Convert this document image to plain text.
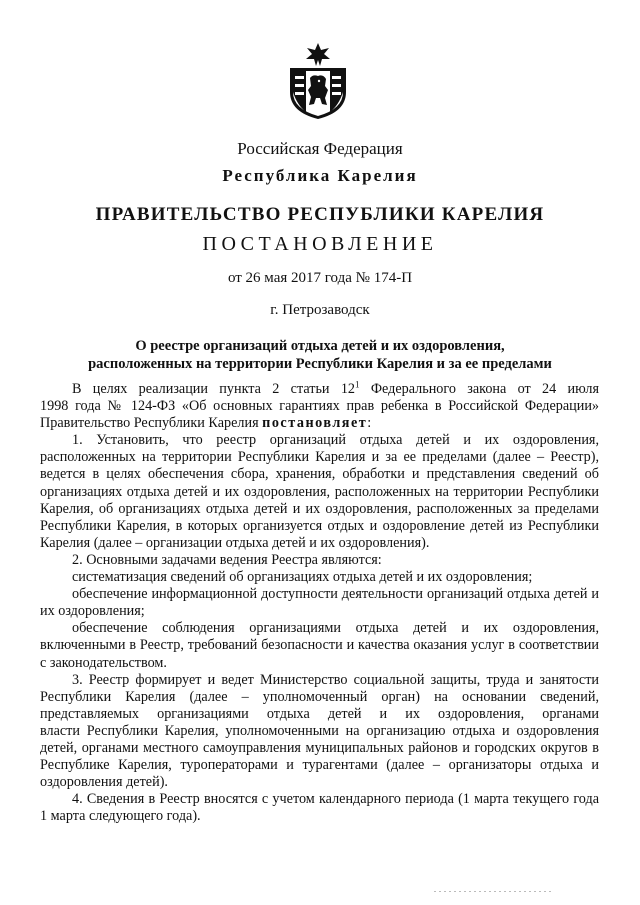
Российская Федерация
Республика Карелия
ПРАВИТЕЛЬСТВО РЕСПУБЛИКИ КАРЕЛИЯ
ПОСТАНОВЛЕНИЕ
от 26 мая 2017 года № 174-П
г. Петрозаводск
О реестре организаций отдыха детей и их оздоровления,
расположенных на территории Республики Карелия и за ее пределами
В целях реализации пункта 2 статьи $12^1$ Федерального закона от 24 июля
1998 года № 124-ФЗ «Об основных гарантиях прав ребенка в Российской Федерации»
Правительство Республики Карелия постановляет:
1. Установить, что реестр организаций отдыха детей и их оздоровления,
расположенных на территории Республики Карелия и за ее пределами (далее – Реестр),
ведется в целях обеспечения сбора, хранения, обработки и представления сведений об
организациях отдыха детей и их оздоровления, расположенных на территории Республики
Карелия, об организациях отдыха детей и их оздоровления, расположенных за пределами
Республики Карелия, в которых организуется отдых и оздоровление детей из Республики
Карелия (далее – организации отдыха детей и их оздоровления).
2. Основными задачами ведения Реестра являются:
систематизация сведений об организациях отдыха детей и их оздоровления;
обеспечение информационной доступности деятельности организаций отдыха детей и
их оздоровления;
обеспечение соблюдения организациями отдыха детей и их оздоровления,
включенными в Реестр, требований безопасности и качества оказания услуг в соответствии
с законодательством.
3. Реестр формирует и ведет Министерство социальной защиты, труда и занятости
Республики Карелия (далее – уполномоченный орган) на основании сведений,
представляемых организациями отдыха детей и их оздоровления, органами
власти Республики Карелия, уполномоченными на организацию отдыха и оздоровления
детей, органами местного самоуправления муниципальных районов и городских округов в
Республике Карелия, туроператорами и турагентами (далее – организаторы отдыха и
оздоровления детей).
4. Сведения в Реестр вносятся с учетом календарного периода (1 марта текущего года
1 марта следующего года).
